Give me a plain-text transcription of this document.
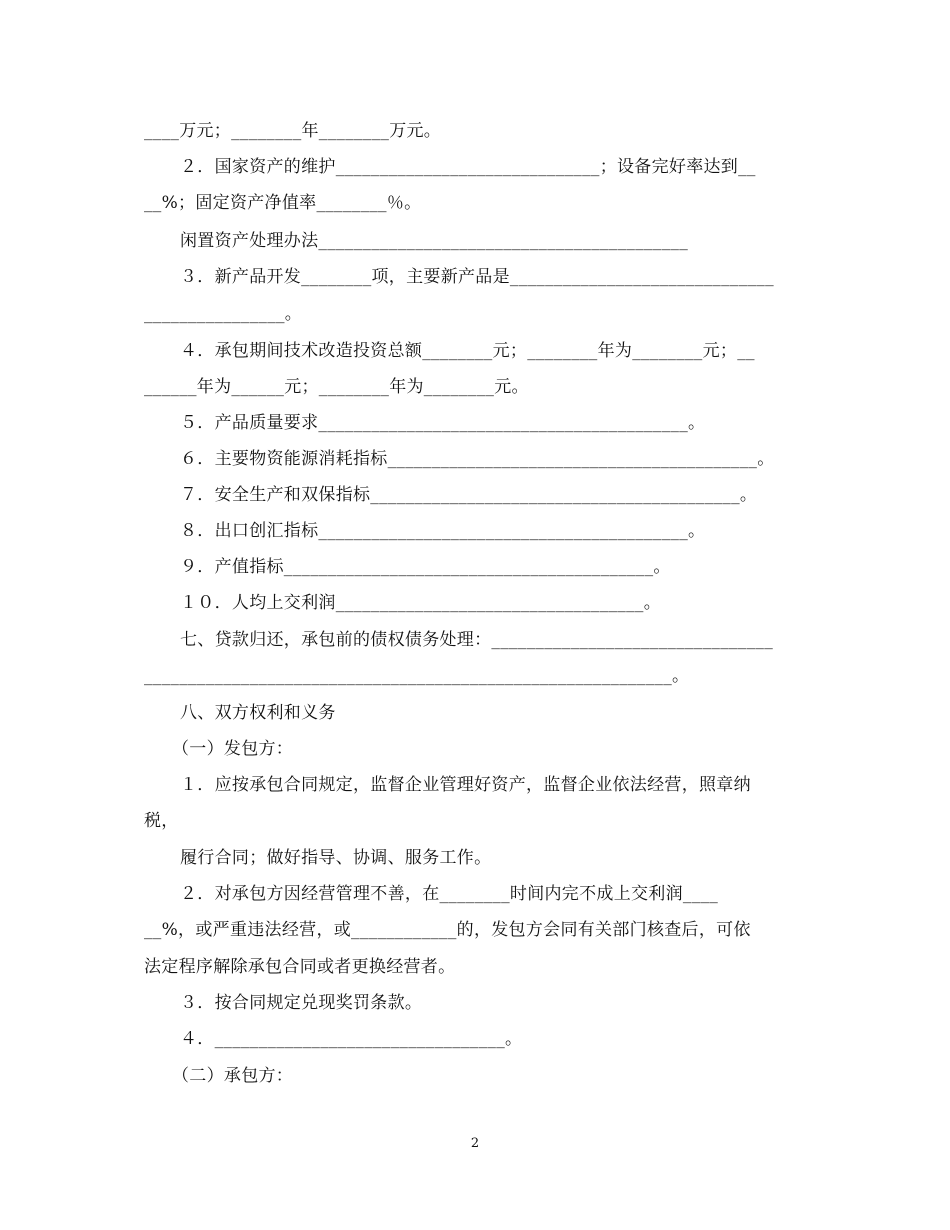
____万元；________年________万元。
２．国家资产的维护______________________________；设备完好率达到__
__%；固定资产净值率________％。
闲置资产处理办法__________________________________________
３．新产品开发________项，主要新产品是______________________________
________________。
４．承包期间技术改造投资总额________元；________年为________元；__
______年为______元；________年为________元。
５．产品质量要求__________________________________________。
６．主要物资能源消耗指标__________________________________________。
７．安全生产和双保指标__________________________________________。
８．出口创汇指标__________________________________________。
９．产值指标__________________________________________。
１０．人均上交利润___________________________________。
七、贷款归还，承包前的债权债务处理：________________________________
____________________________________________________________。
八、双方权利和义务
（一）发包方：
１．应按承包合同规定，监督企业管理好资产，监督企业依法经营，照章纳
税，
履行合同；做好指导、协调、服务工作。
２．对承包方因经营管理不善，在________时间内完不成上交利润____
__%，或严重违法经营，或____________的，发包方会同有关部门核查后，可依
法定程序解除承包合同或者更换经营者。
３．按合同规定兑现奖罚条款。
４．_________________________________。
（二）承包方：
2
